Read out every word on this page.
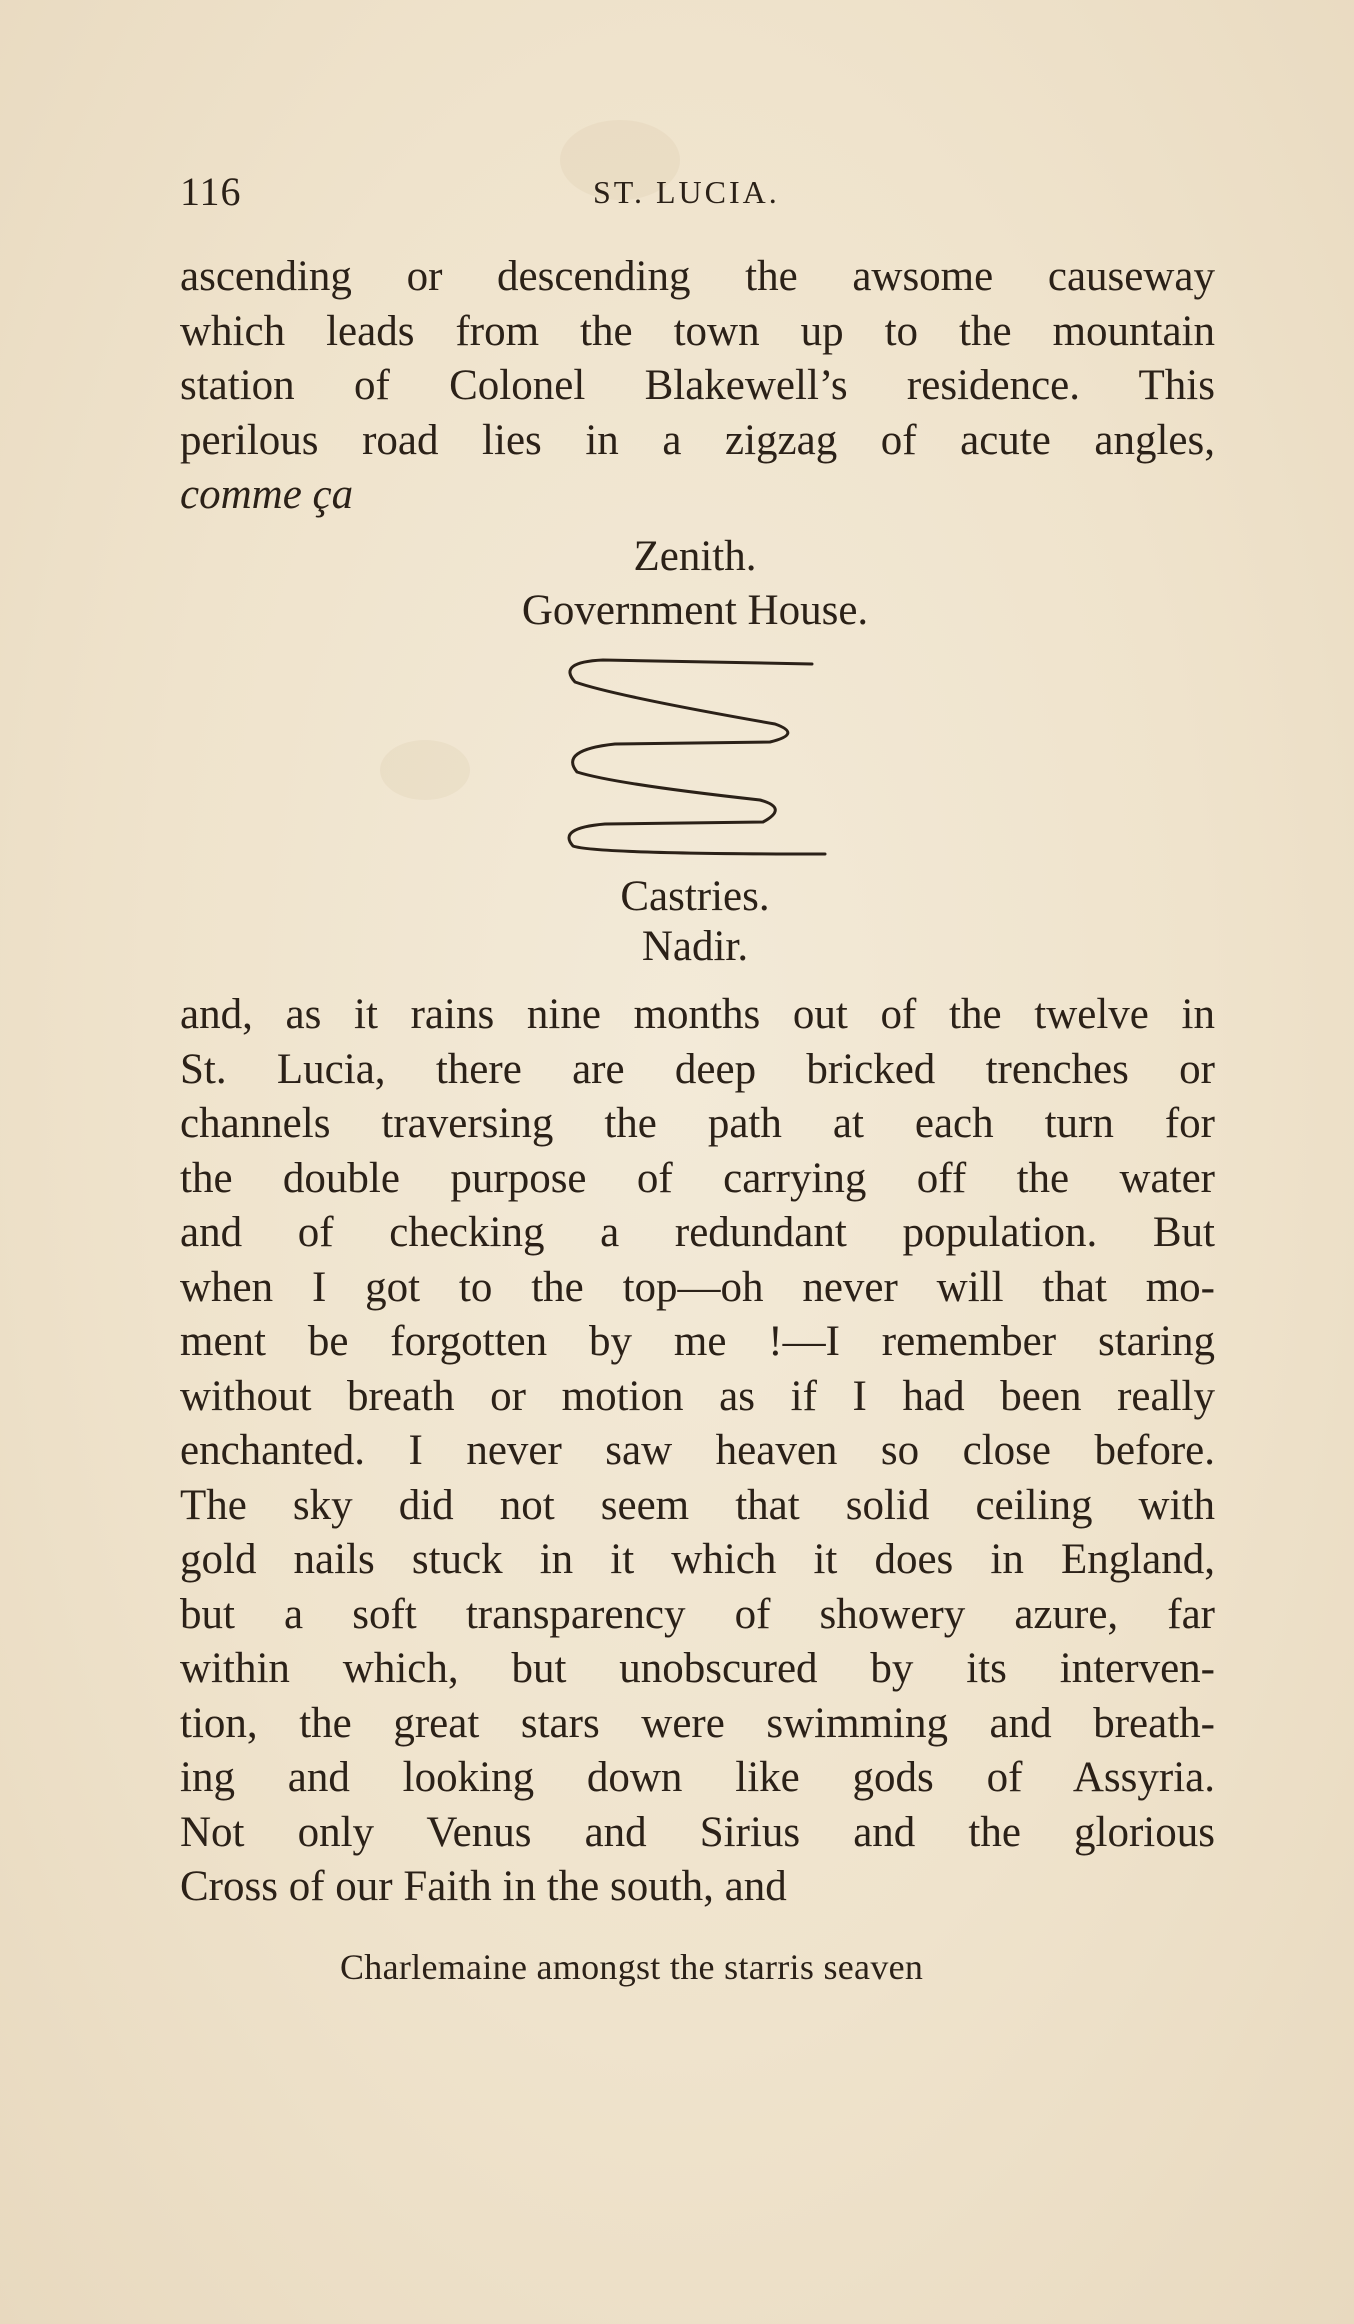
116	ST. LUCIA.
ascending or descending the awsome causeway
which leads from the town up to the mountain
station of Colonel Blakewell’s residence. This
perilous road lies in a zigzag of acute angles,
comme ça
Zenith.
Government House.
Castries.
Nadir.
and, as it rains nine months out of the twelve in
St. Lucia, there are deep bricked trenches or
channels traversing the path at each turn for
the double purpose of carrying off the water
and of checking a redundant population. But
when I got to the top—oh never will that mo-
ment be forgotten by me !—I remember staring
without breath or motion as if I had been really
enchanted. I never saw heaven so close before.
The sky did not seem that solid ceiling with
gold nails stuck in it which it does in England,
but a soft transparency of showery azure, far
within which, but unobscured by its interven-
tion, the great stars were swimming and breath-
ing and looking down like gods of Assyria.
Not only Venus and Sirius and the glorious
Cross of our Faith in the south, and
Charlemaine amongst the starris seaven
